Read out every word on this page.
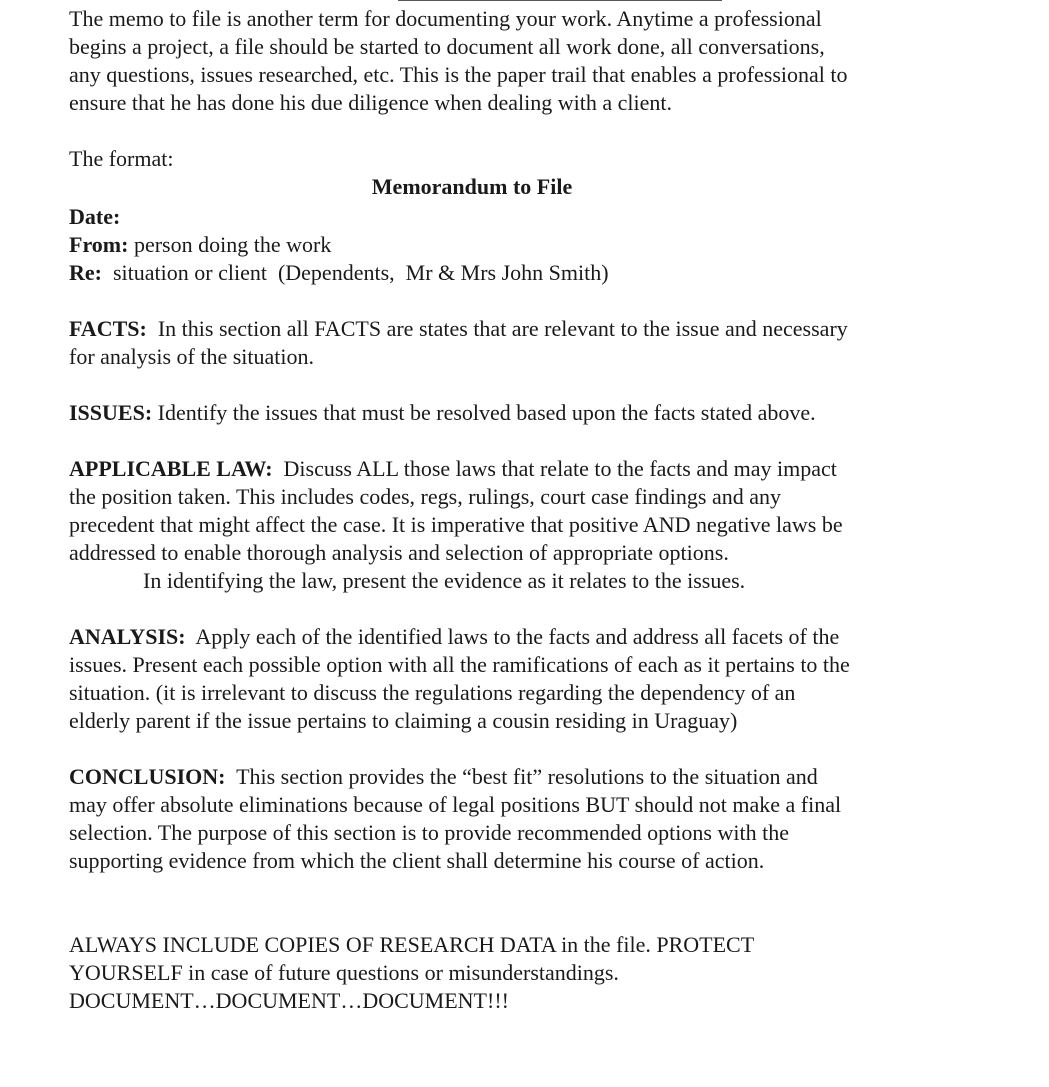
The memo to file is another term for documenting your work. Anytime a professional

begins a project, a file should be started to document all work done, all conversations,

any questions, issues researched, etc. This is the paper trail that enables a professional to

ensure that he has done his due diligence when dealing with a client.

The format:

Memorandum to File

Date:

From: person doing the work

Re:  situation or client  (Dependents,  Mr & Mrs John Smith)

FACTS:  In this section all FACTS are states that are relevant to the issue and necessary

for analysis of the situation.

ISSUES: Identify the issues that must be resolved based upon the facts stated above.

APPLICABLE LAW:  Discuss ALL those laws that relate to the facts and may impact

the position taken. This includes codes, regs, rulings, court case findings and any

precedent that might affect the case. It is imperative that positive AND negative laws be

addressed to enable thorough analysis and selection of appropriate options.

In identifying the law, present the evidence as it relates to the issues.

ANALYSIS:  Apply each of the identified laws to the facts and address all facets of the

issues. Present each possible option with all the ramifications of each as it pertains to the

situation. (it is irrelevant to discuss the regulations regarding the dependency of an

elderly parent if the issue pertains to claiming a cousin residing in Uraguay)

CONCLUSION:  This section provides the “best fit” resolutions to the situation and

may offer absolute eliminations because of legal positions BUT should not make a final

selection. The purpose of this section is to provide recommended options with the

supporting evidence from which the client shall determine his course of action.

ALWAYS INCLUDE COPIES OF RESEARCH DATA in the file. PROTECT

YOURSELF in case of future questions or misunderstandings.

DOCUMENT…DOCUMENT…DOCUMENT!!!
